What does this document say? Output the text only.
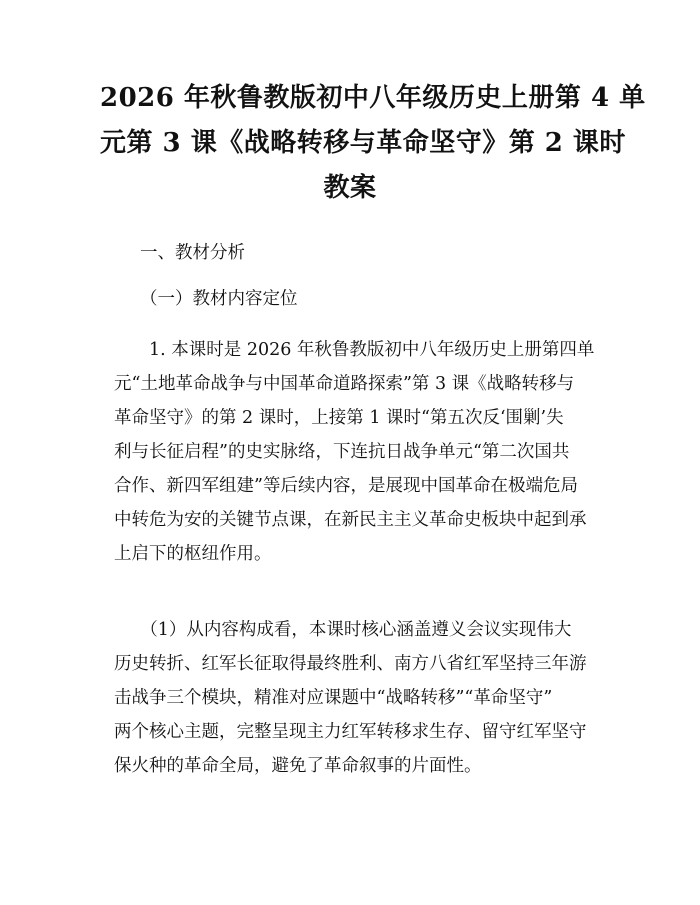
2026 年秋鲁教版初中八年级历史上册第 4 单
元第 3 课《战略转移与革命坚守》第 2 课时
教案
一、教材分析
（一）教材内容定位
　　1. 本课时是 2026 年秋鲁教版初中八年级历史上册第四单
元“土地革命战争与中国革命道路探索”第 3 课《战略转移与
革命坚守》的第 2 课时，上接第 1 课时“第五次反‘围剿’失
利与长征启程”的史实脉络，下连抗日战争单元“第二次国共
合作、新四军组建”等后续内容，是展现中国革命在极端危局
中转危为安的关键节点课，在新民主主义革命史板块中起到承
上启下的枢纽作用。
　　（1）从内容构成看，本课时核心涵盖遵义会议实现伟大
历史转折、红军长征取得最终胜利、南方八省红军坚持三年游
击战争三个模块，精准对应课题中“战略转移”“革命坚守”
两个核心主题，完整呈现主力红军转移求生存、留守红军坚守
保火种的革命全局，避免了革命叙事的片面性。
